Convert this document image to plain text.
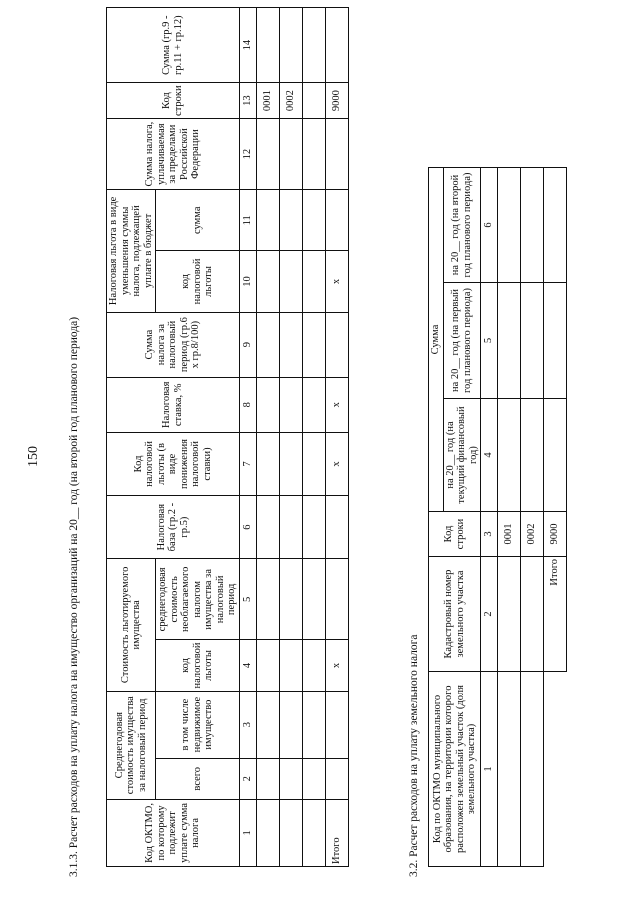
150 3.1.3. Расчет расходов на уплату налога на имущество организаций на 20__ год (на второй год планового периода)	Код ОКТМО, по которому подлежит уплате сумма налога	Среднегодовая стоимость имущества за налоговый период		Стоимость льготируемого имущества		Налоговая база (гр.2 - гр.5)	Код налоговой льготы (в виде понижения налоговой ставки)	Налоговая ставка, %	Сумма налога за налоговый период (гр.6 x гр.8/100)	Налоговая льгота в виде уменьшения суммы налога, подлежащей уплате в бюджет		Сумма налога, уплачиваемая за пределами Российской Федерации	Код строки	Сумма (гр.9 - гр.11 + гр.12)
	всего	в том числе недвижимое имущество	код налоговой льготы	среднегодовая стоимость необлагаемого налогом имущества за налоговый период					код налоговой льготы	сумма			
1	2	3	4	5	6	7	8	9	10	11	12	13	14
												0001	
												0002	

Итого			x			x	x		x			9000	
3.2. Расчет расходов на уплату земельного налога Код по ОКТМО муниципального образования, на территории которого расположен земельный участок (доля земельного участка)	Кадастровый номер земельного участка	Код строки	Сумма		
			на 20__ год (на текущий финансовый год)	на 20__ год (на первый год планового периода)	на 20__ год (на второй год планового периода)
1	2	3	4	5	6
		0001			
		0002			
	Итого	9000			
